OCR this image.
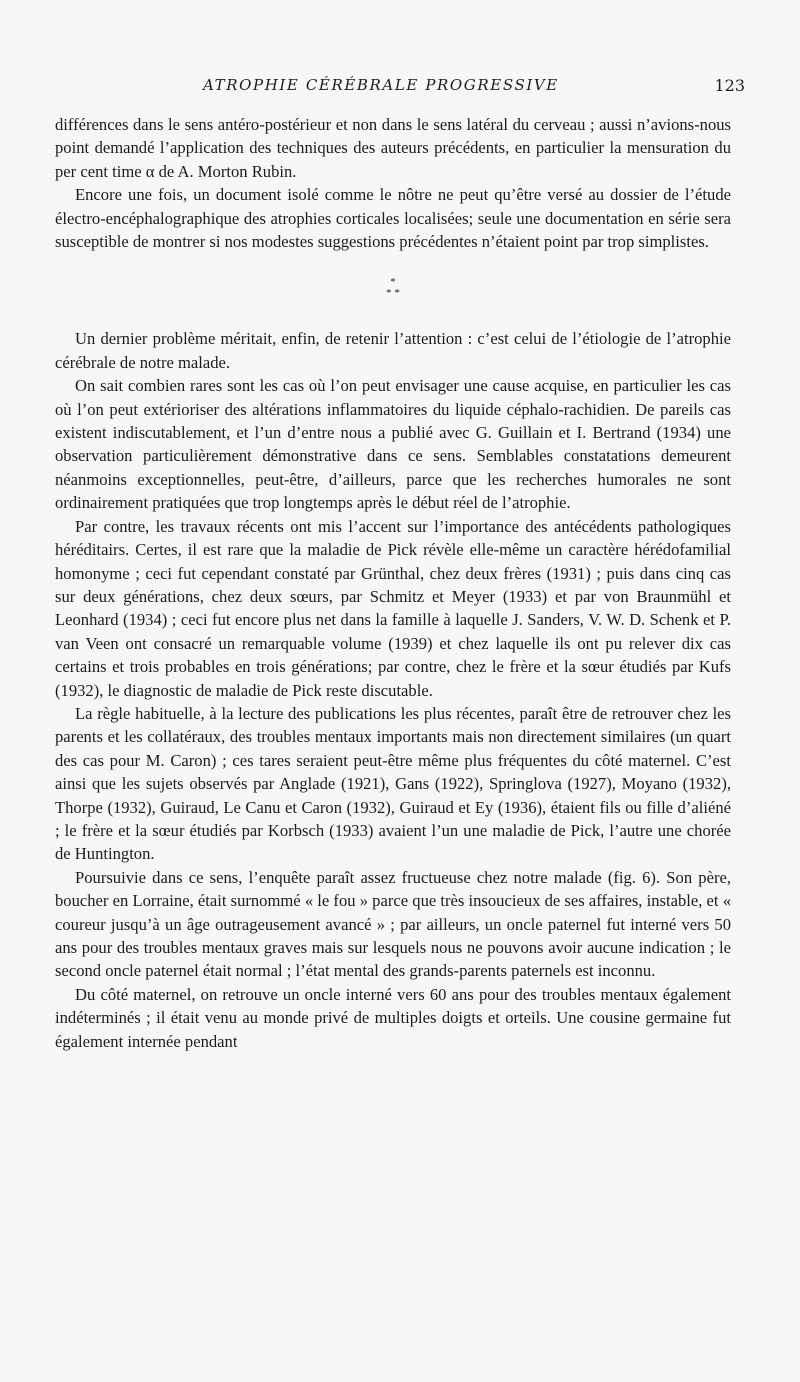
ATROPHIE CÉRÉBRALE PROGRESSIVE	123

différences dans le sens antéro-postérieur et non dans le sens latéral du cerveau ; aussi n’avions-nous point demandé l’application des techniques des auteurs précédents, en particulier la mensuration du per cent time α de A. Morton Rubin.

Encore une fois, un document isolé comme le nôtre ne peut qu’être versé au dossier de l’étude électro-encéphalographique des atrophies corticales localisées; seule une documentation en série sera susceptible de montrer si nos modestes suggestions précédentes n’étaient point par trop simplistes.

*
* *

Un dernier problème méritait, enfin, de retenir l’attention : c’est celui de l’étiologie de l’atrophie cérébrale de notre malade.

On sait combien rares sont les cas où l’on peut envisager une cause acquise, en particulier les cas où l’on peut extérioriser des altérations inflammatoires du liquide céphalo-rachidien. De pareils cas existent indiscutablement, et l’un d’entre nous a publié avec G. Guillain et I. Bertrand (1934) une observation particulièrement démonstrative dans ce sens. Semblables constatations demeurent néanmoins exceptionnelles, peut-être, d’ailleurs, parce que les recherches humorales ne sont ordinairement pratiquées que trop longtemps après le début réel de l’atrophie.

Par contre, les travaux récents ont mis l’accent sur l’importance des antécédents pathologiques héréditairs. Certes, il est rare que la maladie de Pick révèle elle-même un caractère hérédofamilial homonyme ; ceci fut cependant constaté par Grünthal, chez deux frères (1931) ; puis dans cinq cas sur deux générations, chez deux sœurs, par Schmitz et Meyer (1933) et par von Braunmühl et Leonhard (1934) ; ceci fut encore plus net dans la famille à laquelle J. Sanders, V. W. D. Schenk et P. van Veen ont consacré un remarquable volume (1939) et chez laquelle ils ont pu relever dix cas certains et trois probables en trois générations; par contre, chez le frère et la sœur étudiés par Kufs (1932), le diagnostic de maladie de Pick reste discutable.

La règle habituelle, à la lecture des publications les plus récentes, paraît être de retrouver chez les parents et les collatéraux, des troubles mentaux importants mais non directement similaires (un quart des cas pour M. Caron) ; ces tares seraient peut-être même plus fréquentes du côté maternel. C’est ainsi que les sujets observés par Anglade (1921), Gans (1922), Springlova (1927), Moyano (1932), Thorpe (1932), Guiraud, Le Canu et Caron (1932), Guiraud et Ey (1936), étaient fils ou fille d’aliéné ; le frère et la sœur étudiés par Korbsch (1933) avaient l’un une maladie de Pick, l’autre une chorée de Huntington.

Poursuivie dans ce sens, l’enquête paraît assez fructueuse chez notre malade (fig. 6). Son père, boucher en Lorraine, était surnommé « le fou » parce que très insoucieux de ses affaires, instable, et « coureur jusqu’à un âge outrageusement avancé » ; par ailleurs, un oncle paternel fut interné vers 50 ans pour des troubles mentaux graves mais sur lesquels nous ne pouvons avoir aucune indication ; le second oncle paternel était normal ; l’état mental des grands-parents paternels est inconnu.

Du côté maternel, on retrouve un oncle interné vers 60 ans pour des troubles mentaux également indéterminés ; il était venu au monde privé de multiples doigts et orteils. Une cousine germaine fut également internée pendant
